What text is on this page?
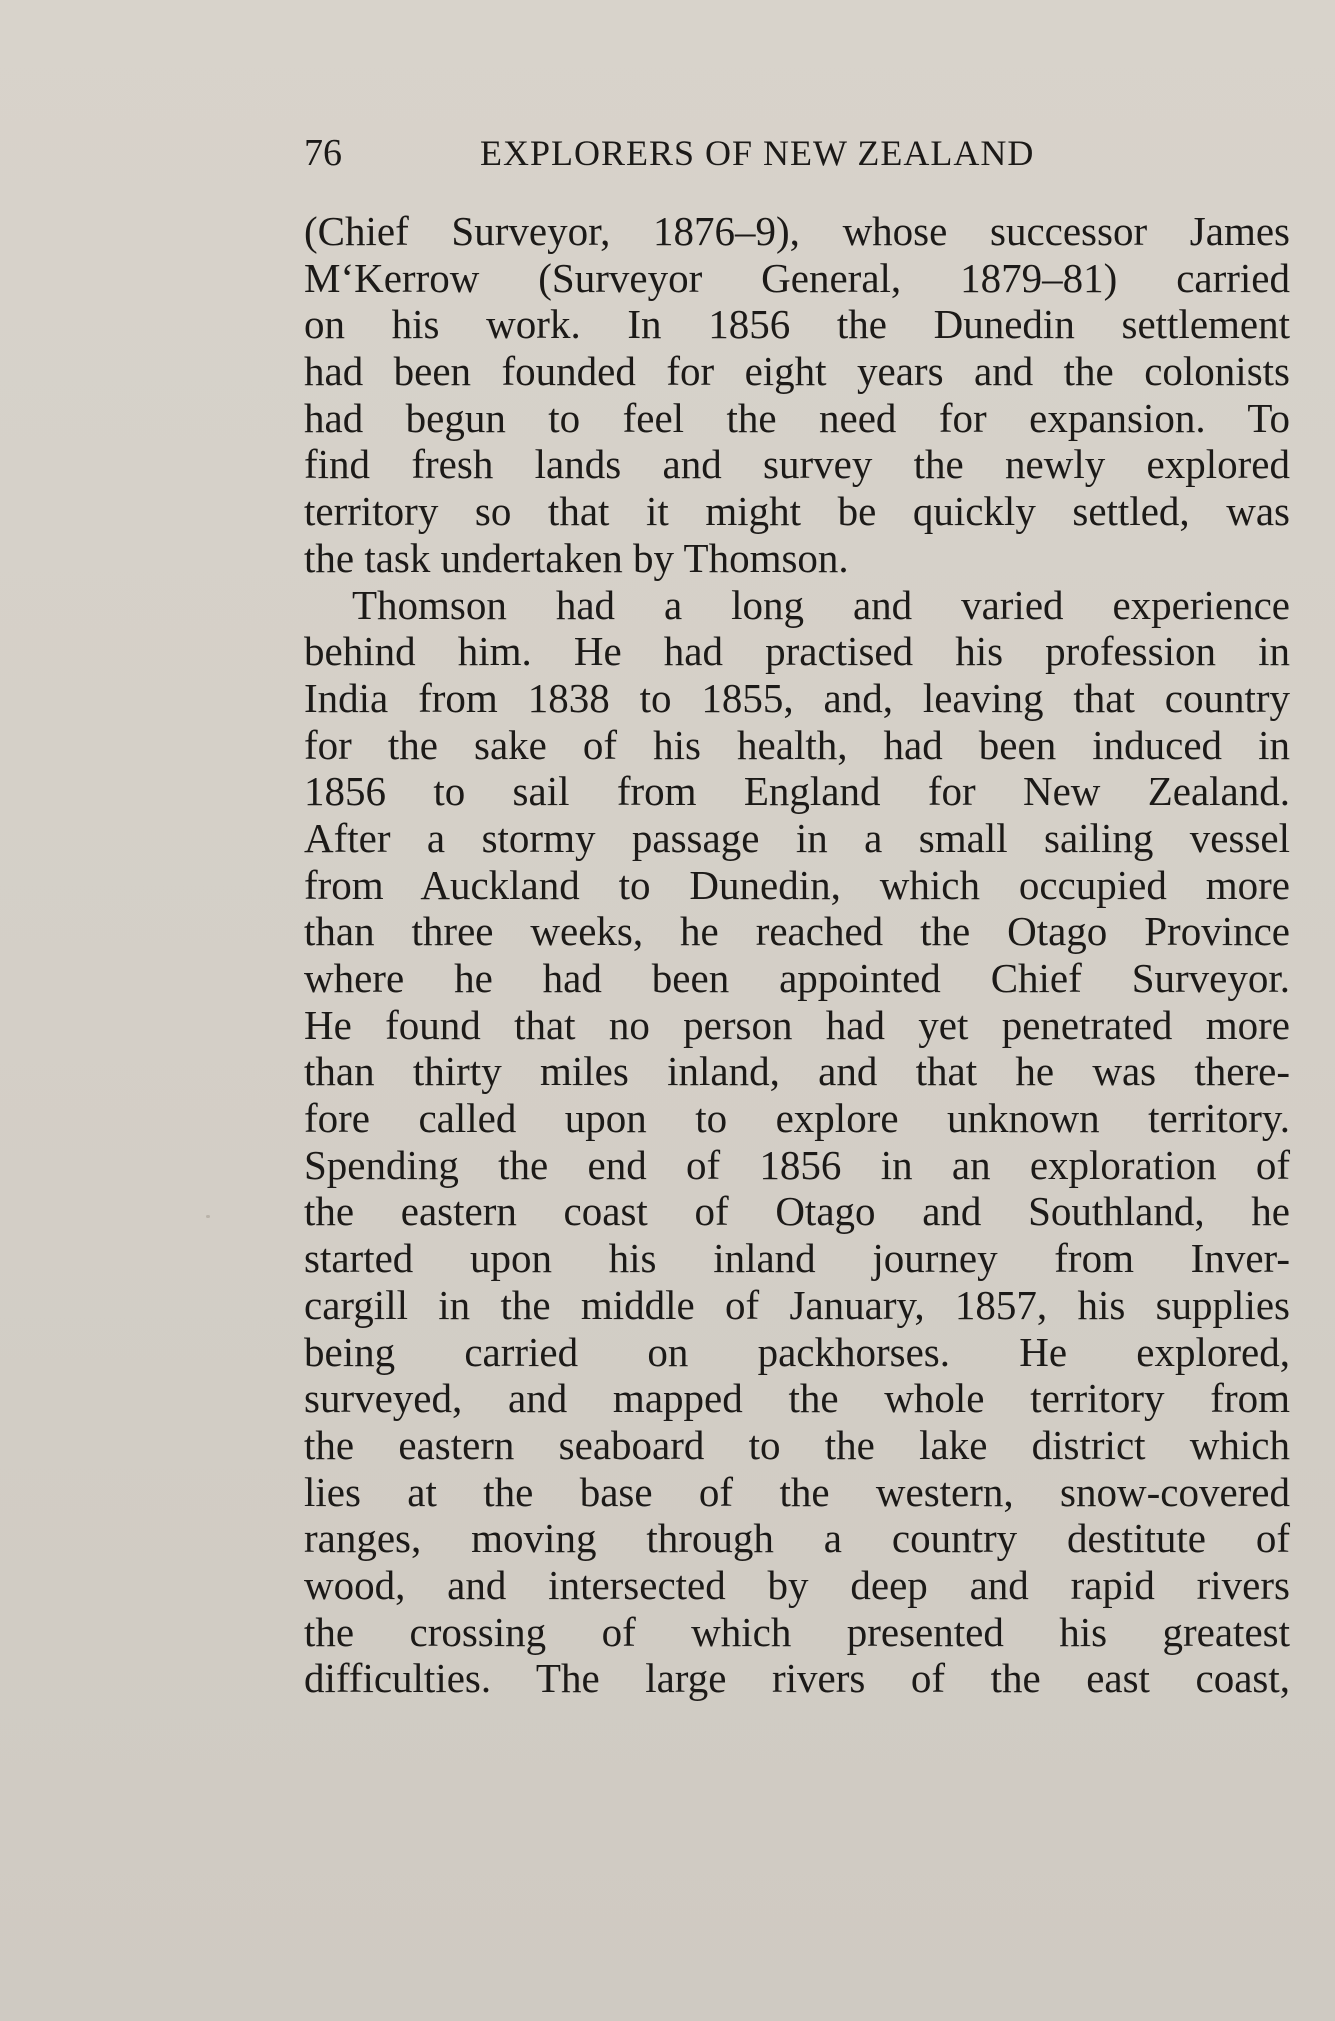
76	EXPLORERS OF NEW ZEALAND
(Chief Surveyor, 1876–9), whose successor James
M‘Kerrow (Surveyor General, 1879–81) carried
on his work. In 1856 the Dunedin settlement
had been founded for eight years and the colonists
had begun to feel the need for expansion. To
find fresh lands and survey the newly explored
territory so that it might be quickly settled, was
the task undertaken by Thomson.
Thomson had a long and varied experience
behind him. He had practised his profession in
India from 1838 to 1855, and, leaving that country
for the sake of his health, had been induced in
1856 to sail from England for New Zealand.
After a stormy passage in a small sailing vessel
from Auckland to Dunedin, which occupied more
than three weeks, he reached the Otago Province
where he had been appointed Chief Surveyor.
He found that no person had yet penetrated more
than thirty miles inland, and that he was there-
fore called upon to explore unknown territory.
Spending the end of 1856 in an exploration of
the eastern coast of Otago and Southland, he
started upon his inland journey from Inver-
cargill in the middle of January, 1857, his supplies
being carried on packhorses. He explored,
surveyed, and mapped the whole territory from
the eastern seaboard to the lake district which
lies at the base of the western, snow-covered
ranges, moving through a country destitute of
wood, and intersected by deep and rapid rivers
the crossing of which presented his greatest
difficulties. The large rivers of the east coast,
